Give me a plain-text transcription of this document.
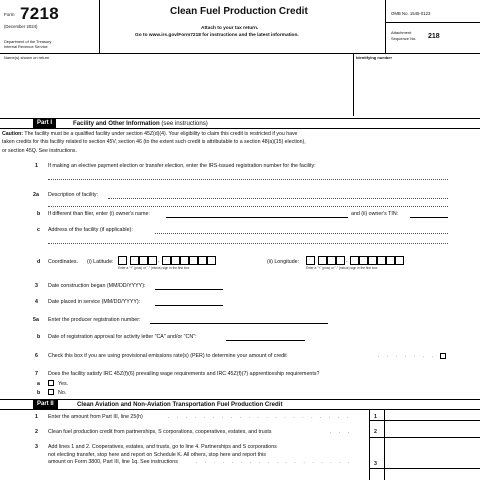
Form 7218
(December 2024)
Department of the Treasury
Internal Revenue Service
Clean Fuel Production Credit
Attach to your tax return.
Go to www.irs.gov/Form7218 for instructions and the latest information.
OMB No. 1545-0123
Attachment
Sequence No. 218
Name(s) shown on return	Identifying number
Part I	Facility and Other Information (see instructions)
Caution: The facility must be a qualified facility under section 45Z(d)(4). Your eligibility to claim this credit is restricted if you have
taken credits for this facility related to section 45V, section 46 (to the extent such credit is attributable to a section 48(a)(15) election),
or section 45Q. See instructions.
1 If making an elective payment election or transfer election, enter the IRS-issued registration number for the facility:
2a Description of facility:
b If different than filer, enter (i) owner's name:	and (ii) owner's TIN:
c Address of the facility (if applicable):
d Coordinates. (i) Latitude:	.
Enter a "+" (plus) or "-" (minus) sign in the first box.
(ii) Longitude:	.
Enter a "+" (plus) or "-" (minus) sign in the first box.
3 Date construction began (MM/DD/YYYY):
4 Date placed in service (MM/DD/YYYY):
5a Enter the producer registration number:
b Date of registration approval for activity letter "CA" and/or "CN":
6 Check this box if you are using provisional emissions rate(s) (PER) to determine your amount of credit	. . . . . . .
7 Does the facility satisfy IRC 45Z(f)(6) prevailing wage requirements and IRC 45Z(f)(7) apprenticeship requirements?
a	Yes.
b	No.
Part II	Clean Aviation and Non-Aviation Transportation Fuel Production Credit
1 Enter the amount from Part III, line 25(h)	. . . . . . . . . . . . . . . . . . . . .	1
2 Clean fuel production credit from partnerships, S corporations, cooperatives, estates, and trusts	. . .	2
3 Add lines 1 and 2. Cooperatives, estates, and trusts, go to line 4. Partnerships and S corporations
not electing transfer, stop here and report on Schedule K. All others, stop here and report this
amount on Form 3800, Part III, line 1q. See instructions	. . . . . . . . . . . . . . . . . .	3
